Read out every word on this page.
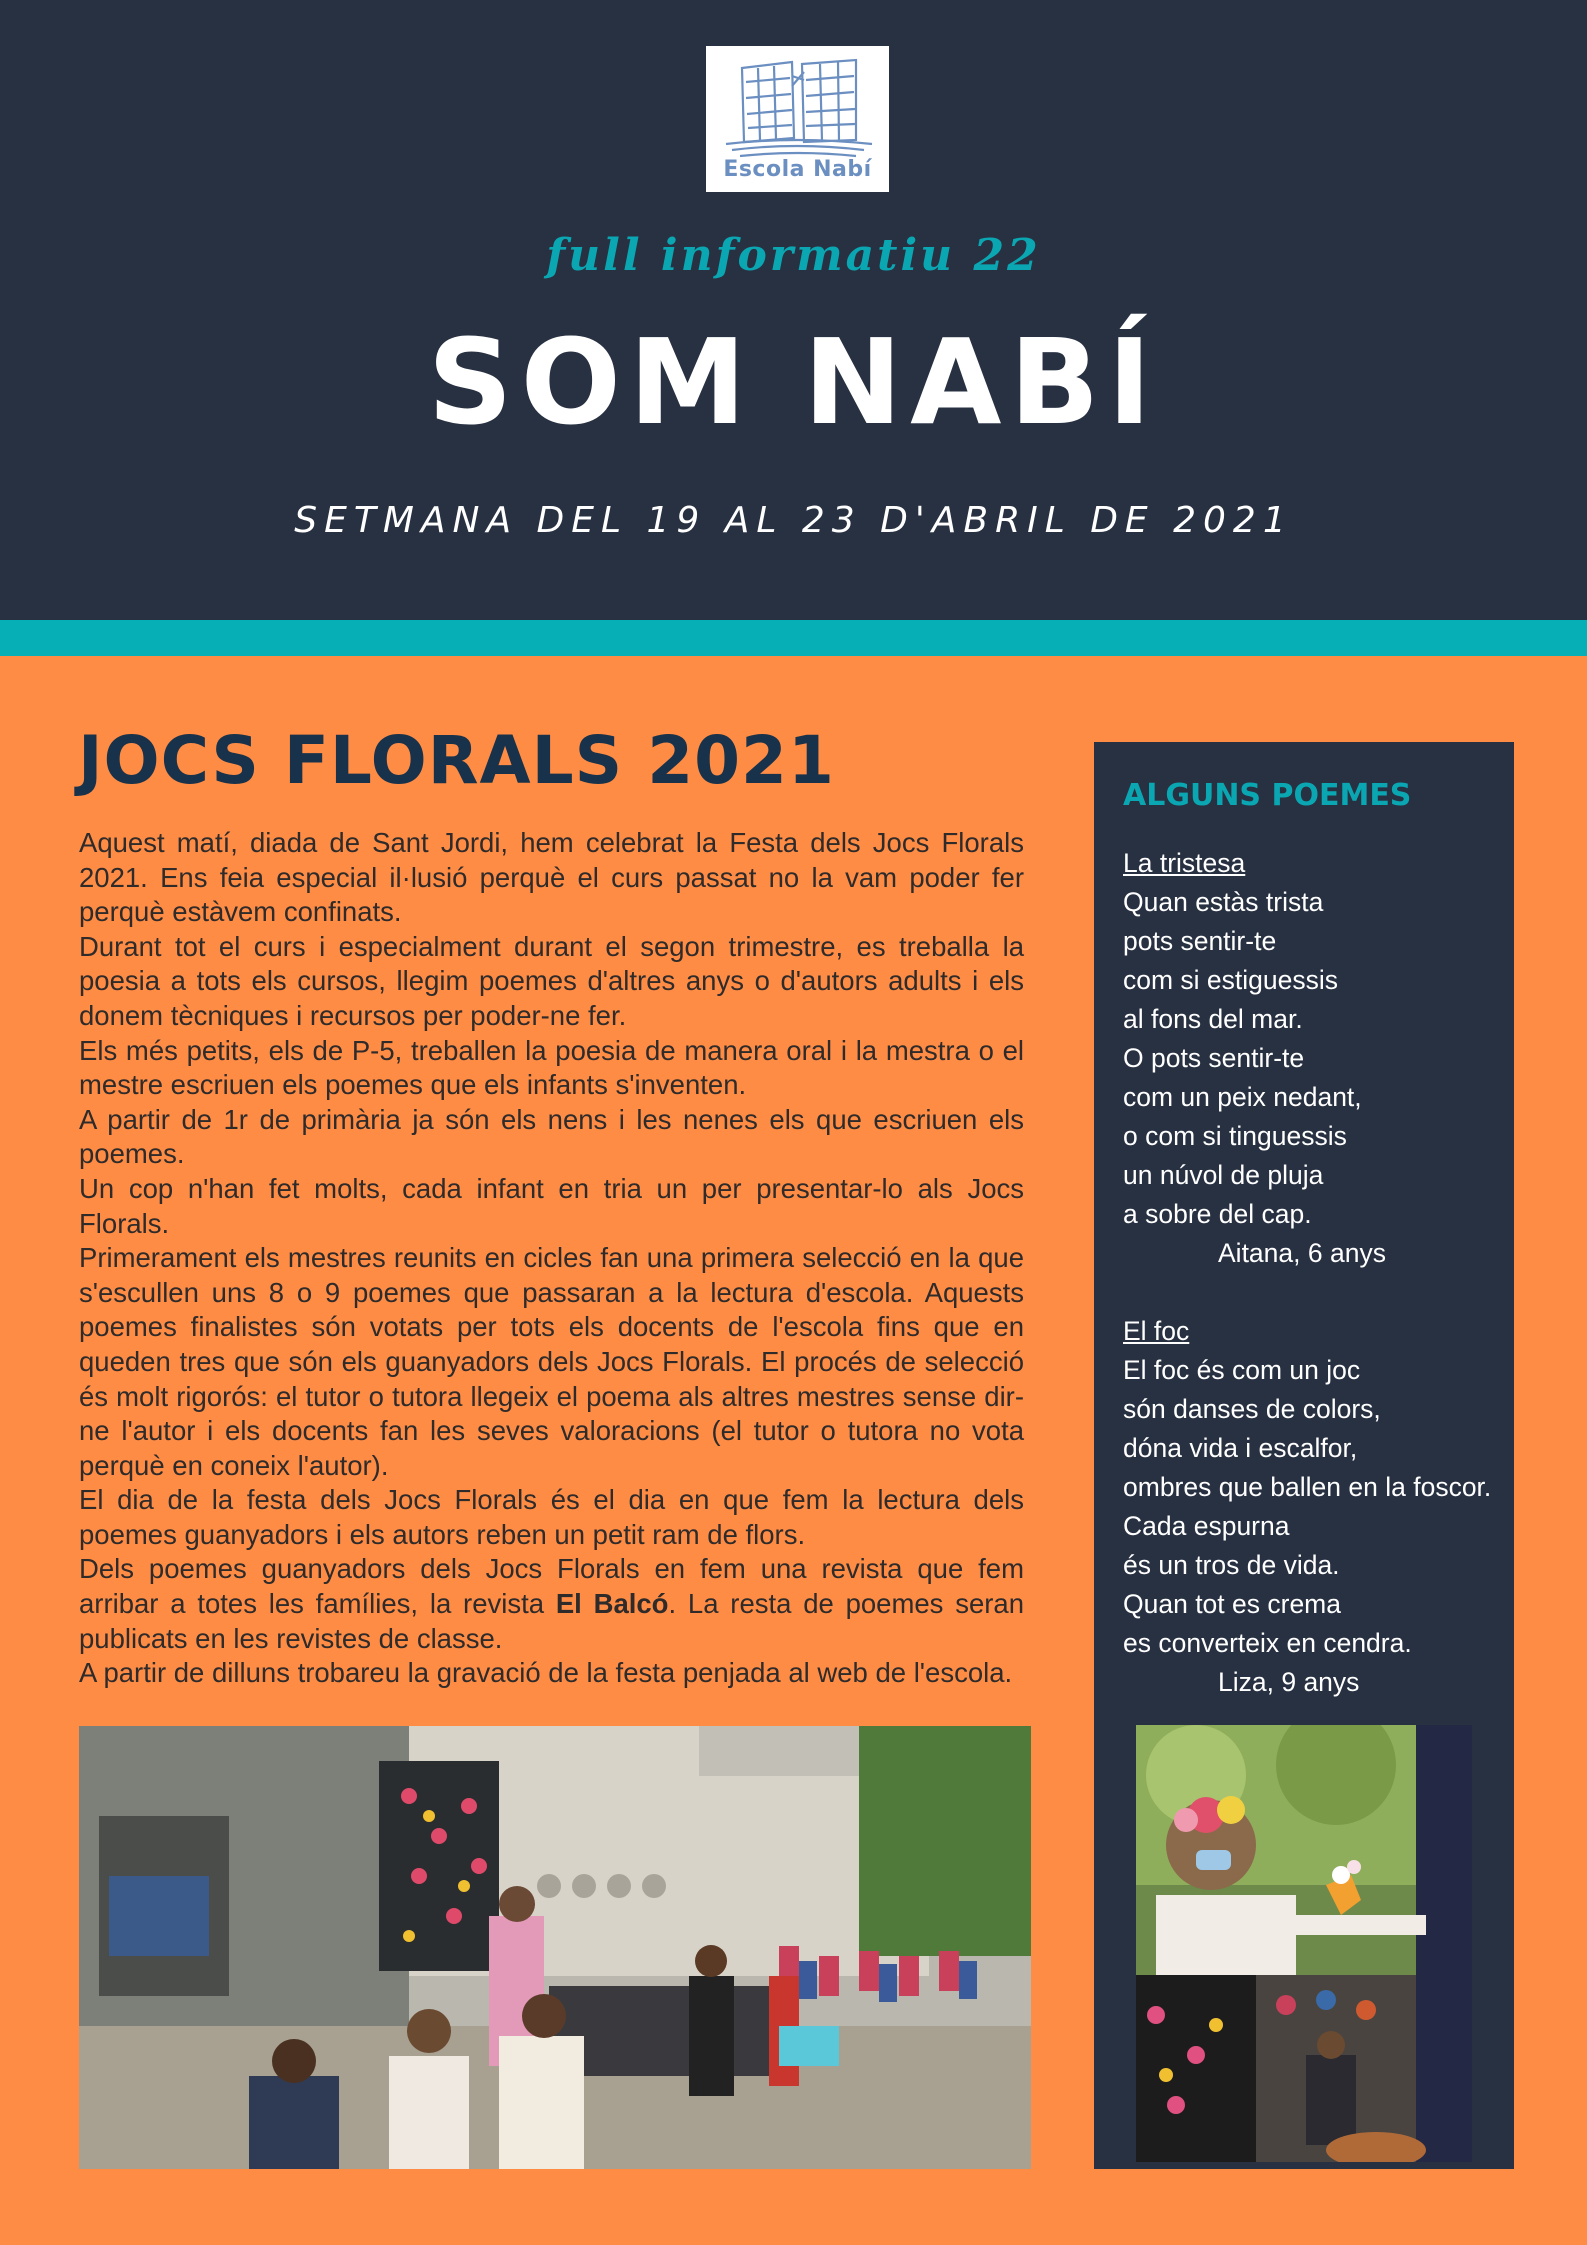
Escola Nabí
full informatiu 22
SOM NABÍ
SETMANA DEL 19 AL 23 D'ABRIL DE 2021
JOCS FLORALS 2021

Aquest matí, diada de Sant Jordi, hem celebrat la Festa dels Jocs Florals 2021. Ens feia especial il·lusió perquè el curs passat no la vam poder fer perquè estàvem confinats.

Durant tot el curs i especialment durant el segon trimestre, es treballa la poesia a tots els cursos, llegim poemes d'altres anys o d'autors adults i els donem tècniques i recursos per poder-ne fer.

Els més petits, els de P-5, treballen la poesia de manera oral i la mestra o el mestre escriuen els poemes que els infants s'inventen.

A partir de 1r de primària ja són els nens i les nenes els que escriuen els poemes.

Un cop n'han fet molts, cada infant en tria un per presentar-lo als Jocs Florals.

Primerament els mestres reunits en cicles fan una primera selecció en la que s'escullen uns 8 o 9 poemes que passaran a la lectura d'escola. Aquests poemes finalistes són votats per tots els docents de l'escola fins que en queden tres que són els guanyadors dels Jocs Florals. El procés de selecció és molt rigorós: el tutor o tutora llegeix el poema als altres mestres sense dir-ne l'autor i els docents fan les seves valoracions (el tutor o tutora no vota perquè en coneix l'autor).

El dia de la festa dels Jocs Florals és el dia en que fem la lectura dels poemes guanyadors i els autors reben un petit ram de flors.

Dels poemes guanyadors dels Jocs Florals en fem una revista que fem arribar a totes les famílies, la revista El Balcó. La resta de poemes seran publicats en les revistes de classe.

A partir de dilluns trobareu la gravació de la festa penjada al web de l'escola.

ALGUNS POEMES
La tristesa
Quan estàs trista
pots sentir-te
com si estiguessis
al fons del mar.
O pots sentir-te
com un peix nedant,
o com si tinguessis
un núvol de pluja
a sobre del cap.
Aitana, 6 anys
El foc
El foc és com un joc
són danses de colors,
dóna vida i escalfor,
ombres que ballen en la foscor.
Cada espurna
és un tros de vida.
Quan tot es crema
es converteix en cendra.
Liza, 9 anys
